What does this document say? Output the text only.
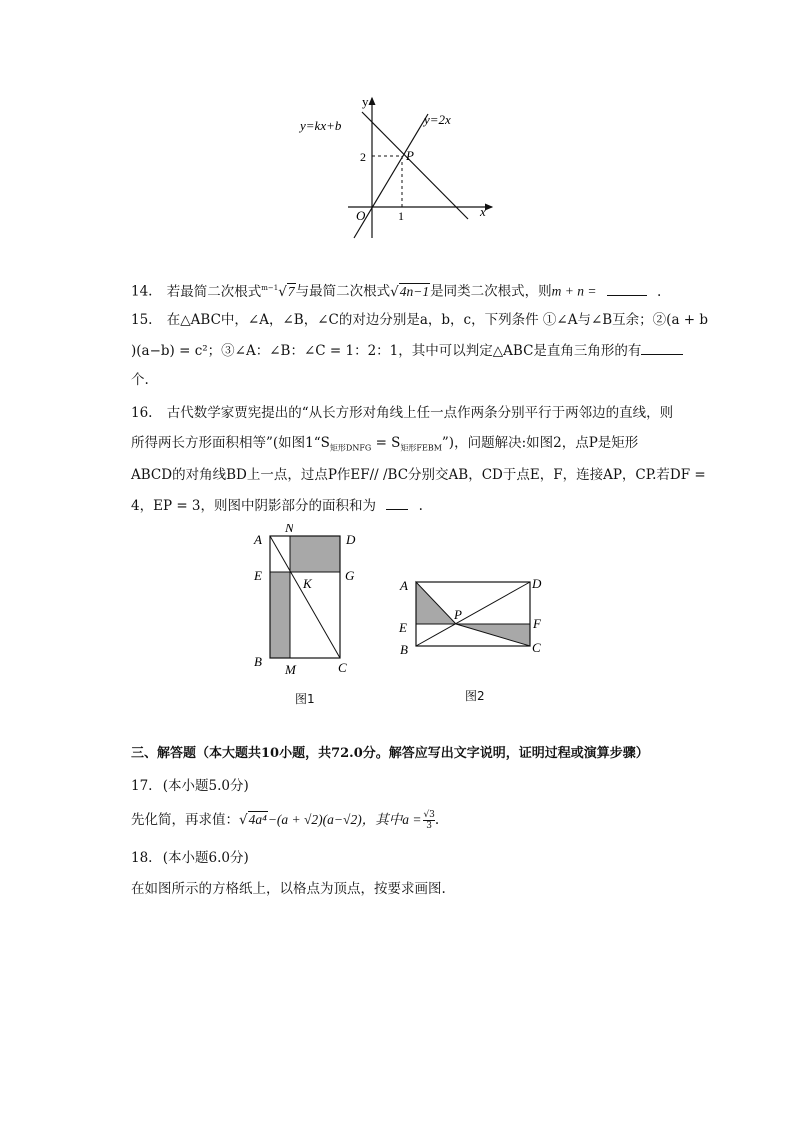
y
x
O
y=kx+b	y=2x
P
2
1
14. 若最简二次根式$^{m-1}$√7与最简二次根式√4n−1是同类二次根式，则m + n =	.
15. 在△ABC中，∠A，∠B，∠C的对边分别是a，b，c，下列条件 ①∠A与∠B互余；②(a + b
)(a−b) = c²；③∠A：∠B：∠C = 1：2：1，其中可以判定△ABC是直角三角形的有
个.
16. 古代数学家贾宪提出的“从长方形对角线上任一点作两条分别平行于两邻边的直线，则
所得两长方形面积相等”(如图$1“S_{矩形DNFG}$ = $S_{矩形FEBM}$”)，问题解决:如图2，点P是矩形
ABCD的对角线BD上一点，过点P作EF// /BC分别交AB，CD于点E，F，连接AP，CP.若DF =
4，EP = 3，则图中阴影部分的面积和为	.
A
N
D
E	G
K
B
M	C
图1
A	D
P
E	F
B	C
图2
三、解答题（本大题共10小题，共72.0分。解答应写出文字说明，证明过程或演算步骤）
17. (本小题5.0分)
先化简，再求值：√4a⁴−(a + √2)(a−√2)，其中$a = \frac{√3}{3}$ .
18. (本小题6.0分)
在如图所示的方格纸上，以格点为顶点，按要求画图.
